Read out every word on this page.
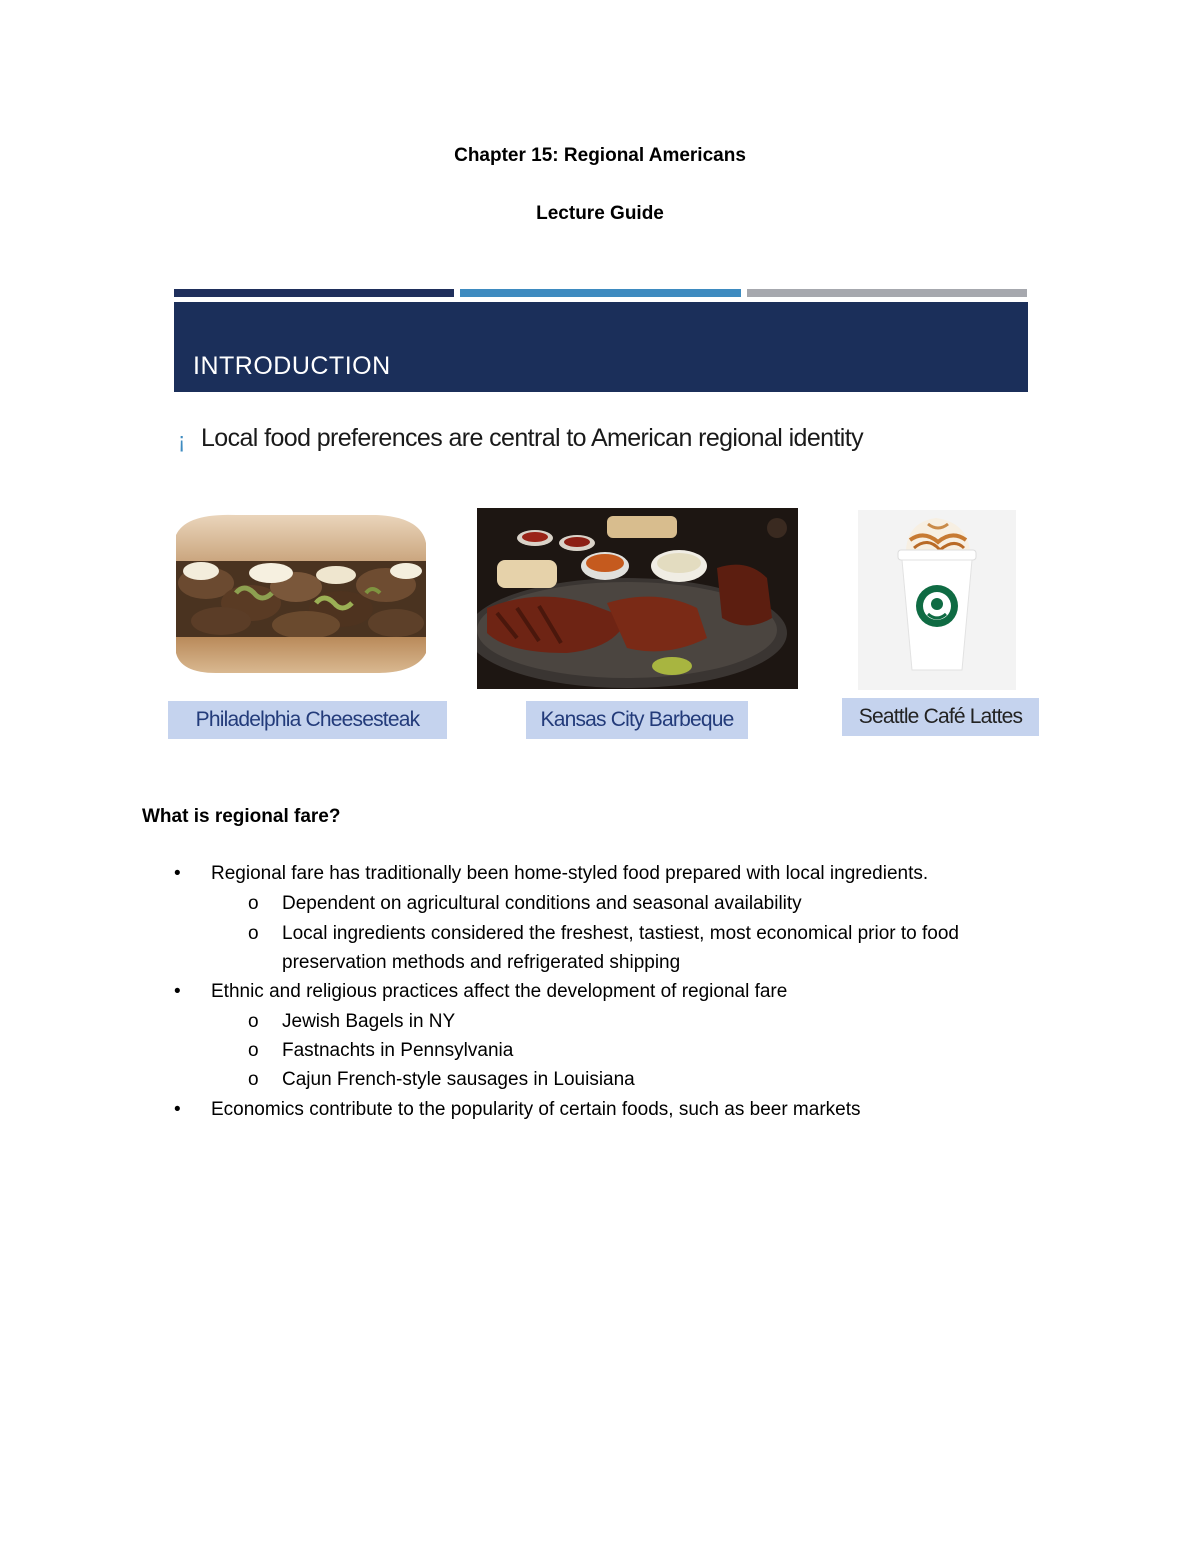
Chapter 15: Regional Americans
Lecture Guide
INTRODUCTION
¡ Local food preferences are central to American regional identity
Philadelphia Cheesesteak	Kansas City Barbeque	Seattle Café Lattes
What is regional fare?
• Regional fare has traditionally been home-styled food prepared with local ingredients.
o Dependent on agricultural conditions and seasonal availability
o Local ingredients considered the freshest, tastiest, most economical prior to food
preservation methods and refrigerated shipping
• Ethnic and religious practices affect the development of regional fare
o Jewish Bagels in NY
o Fastnachts in Pennsylvania
o Cajun French-style sausages in Louisiana
• Economics contribute to the popularity of certain foods, such as beer markets
